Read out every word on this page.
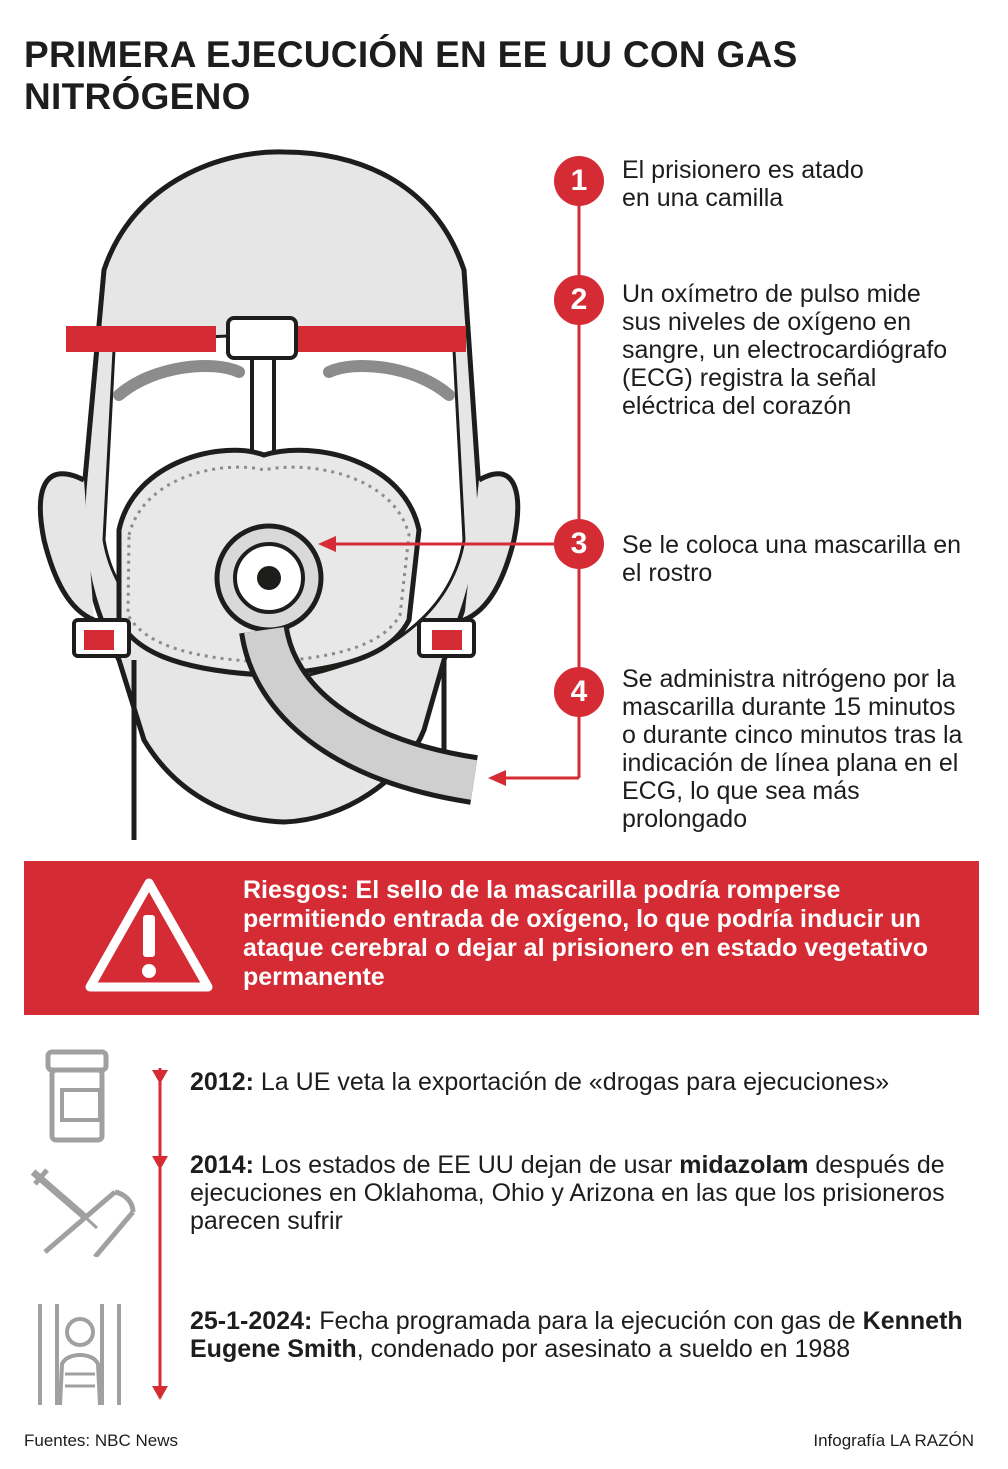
PRIMERA EJECUCIÓN EN EE UU CON GAS
NITRÓGENO
1	El prisionero es atado en una camilla
2	Un oxímetro de pulso mide sus niveles de oxígeno en sangre, un electrocardiógrafo (ECG) registra la señal eléctrica del corazón
3	Se le coloca una mascarilla en el rostro
4	Se administra nitrógeno por la mascarilla durante 15 minutos o durante cinco minutos tras la indicación de línea plana en el ECG, lo que sea más prolongado
Riesgos: El sello de la mascarilla podría romperse permitiendo entrada de oxígeno, lo que podría inducir un ataque cerebral o dejar al prisionero en estado vegetativo permanente
2012: La UE veta la exportación de «drogas para ejecuciones»
2014: Los estados de EE UU dejan de usar midazolam después de ejecuciones en Oklahoma, Ohio y Arizona en las que los prisioneros parecen sufrir
25-1-2024: Fecha programada para la ejecución con gas de Kenneth Eugene Smith, condenado por asesinato a sueldo en 1988
Fuentes: NBC News	Infografía LA RAZÓN
